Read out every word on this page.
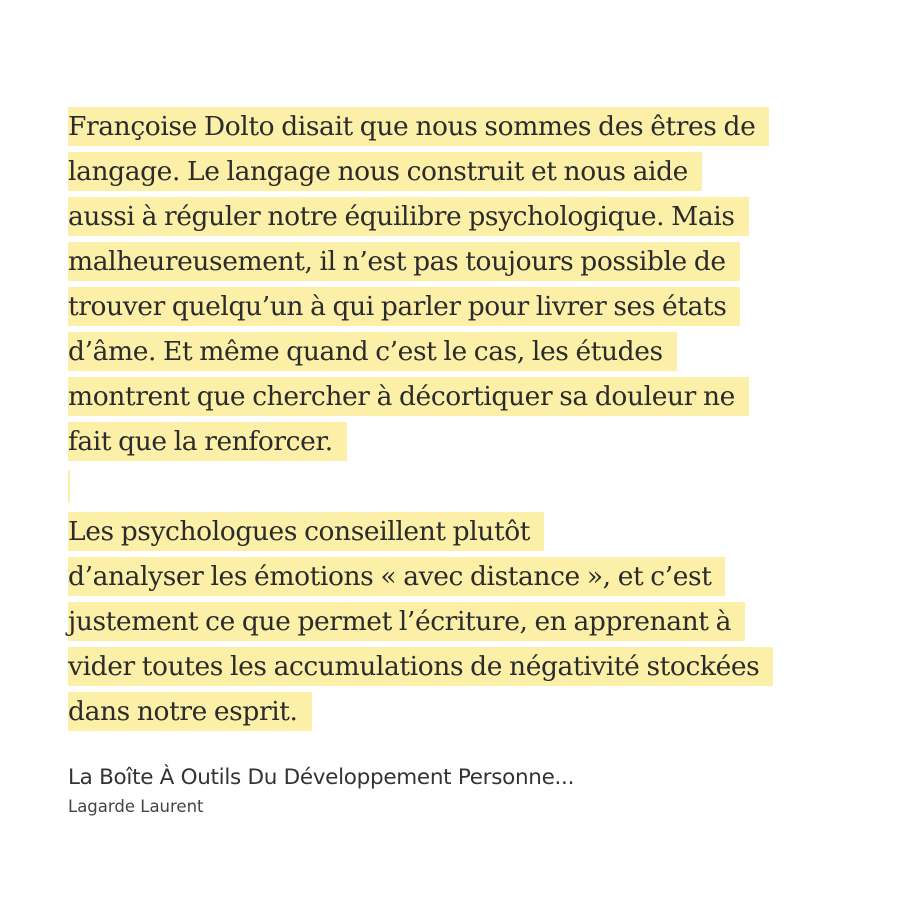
Françoise Dolto disait que nous sommes des êtres de
langage. Le langage nous construit et nous aide
aussi à réguler notre équilibre psychologique. Mais
malheureusement, il n’est pas toujours possible de
trouver quelqu’un à qui parler pour livrer ses états
d’âme. Et même quand c’est le cas, les études
montrent que chercher à décortiquer sa douleur ne
fait que la renforcer.
Les psychologues conseillent plutôt
d’analyser les émotions « avec distance », et c’est
justement ce que permet l’écriture, en apprenant à
vider toutes les accumulations de négativité stockées
dans notre esprit.
La Boîte À Outils Du Développement Personne...
Lagarde Laurent
